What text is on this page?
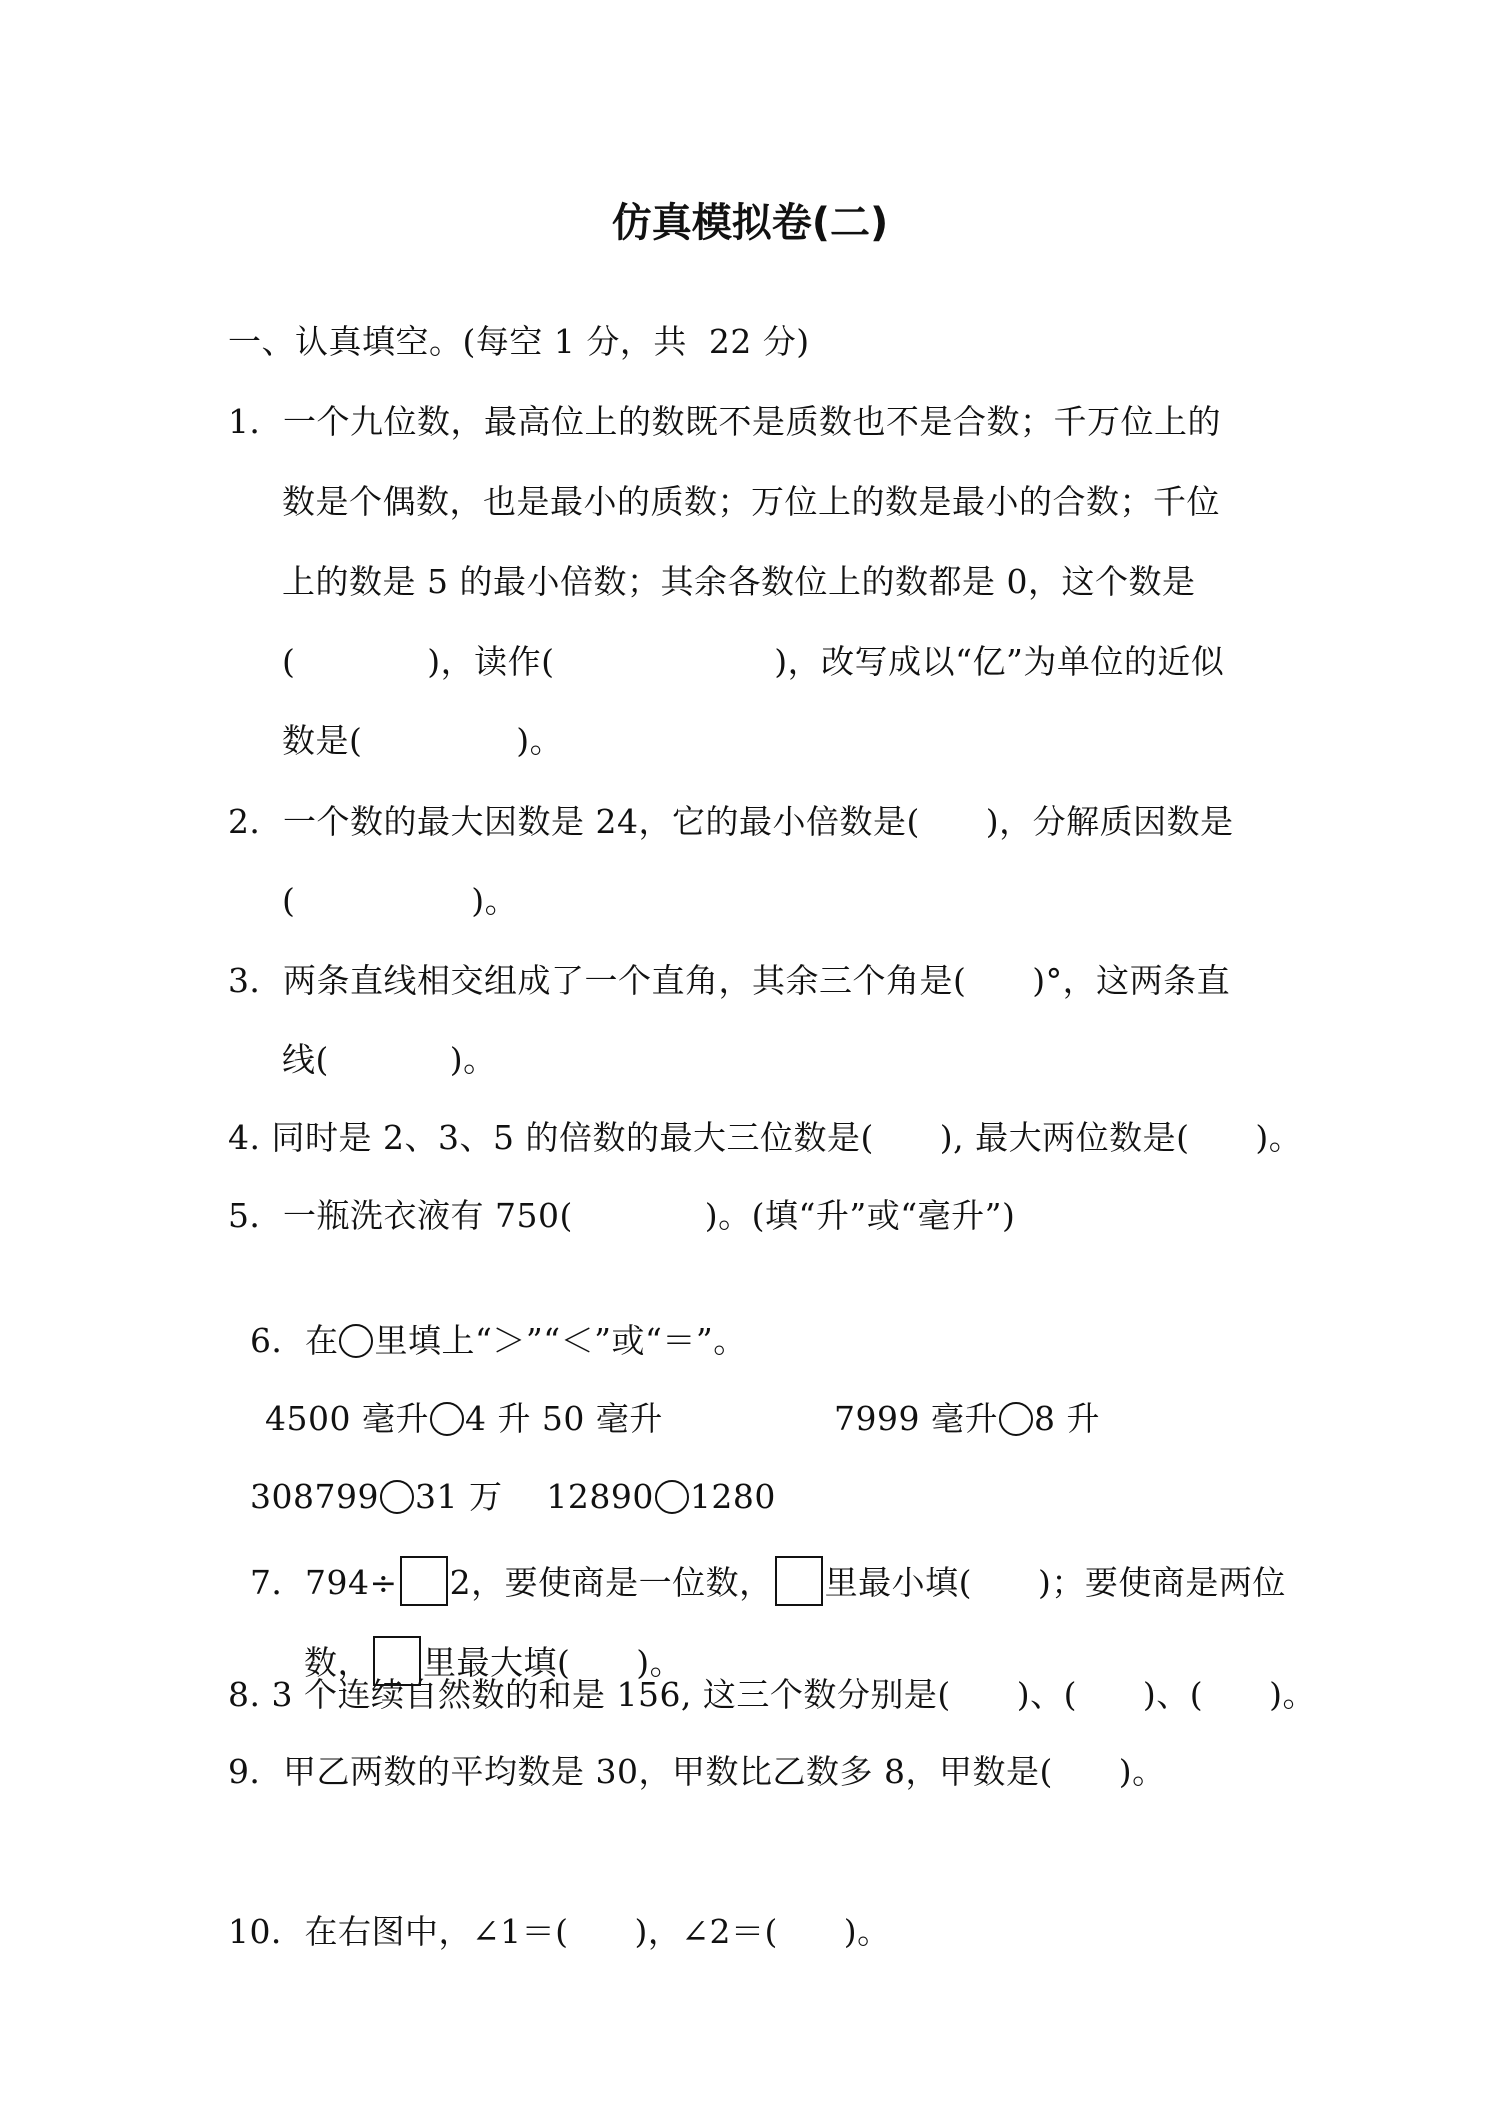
仿真模拟卷(二)
一、认真填空。(每空 1 分，共  22 分)
1．一个九位数，最高位上的数既不是质数也不是合数；千万位上的
数是个偶数，也是最小的质数；万位上的数是最小的合数；千位
上的数是 5 的最小倍数；其余各数位上的数都是 0，这个数是
(            )，读作(                    )，改写成以“亿”为单位的近似
数是(              )。
2．一个数的最大因数是 24，它的最小倍数是(      )，分解质因数是
(                )。
3．两条直线相交组成了一个直角，其余三个角是(      )°，这两条直
线(           )。
4. 同时是 2、3、5 的倍数的最大三位数是(      ), 最大两位数是(      )。
5．一瓶洗衣液有 750(            )。(填“升”或“毫升”)

6．在 里填上“＞”“＜”或“＝”。

4500 毫升 4 升 50 毫升	7999 毫升 8 升

308799 31 万    12890 1280

7．794÷ 2，要使商是一位数， 里最小填(      )；要使商是两位

数， 里最大填(      )。

8. 3 个连续自然数的和是 156, 这三个数分别是(      )、(      )、(      )。
9．甲乙两数的平均数是 30，甲数比乙数多 8，甲数是(      )。
10．在右图中，∠1＝(      )，∠2＝(      )。
